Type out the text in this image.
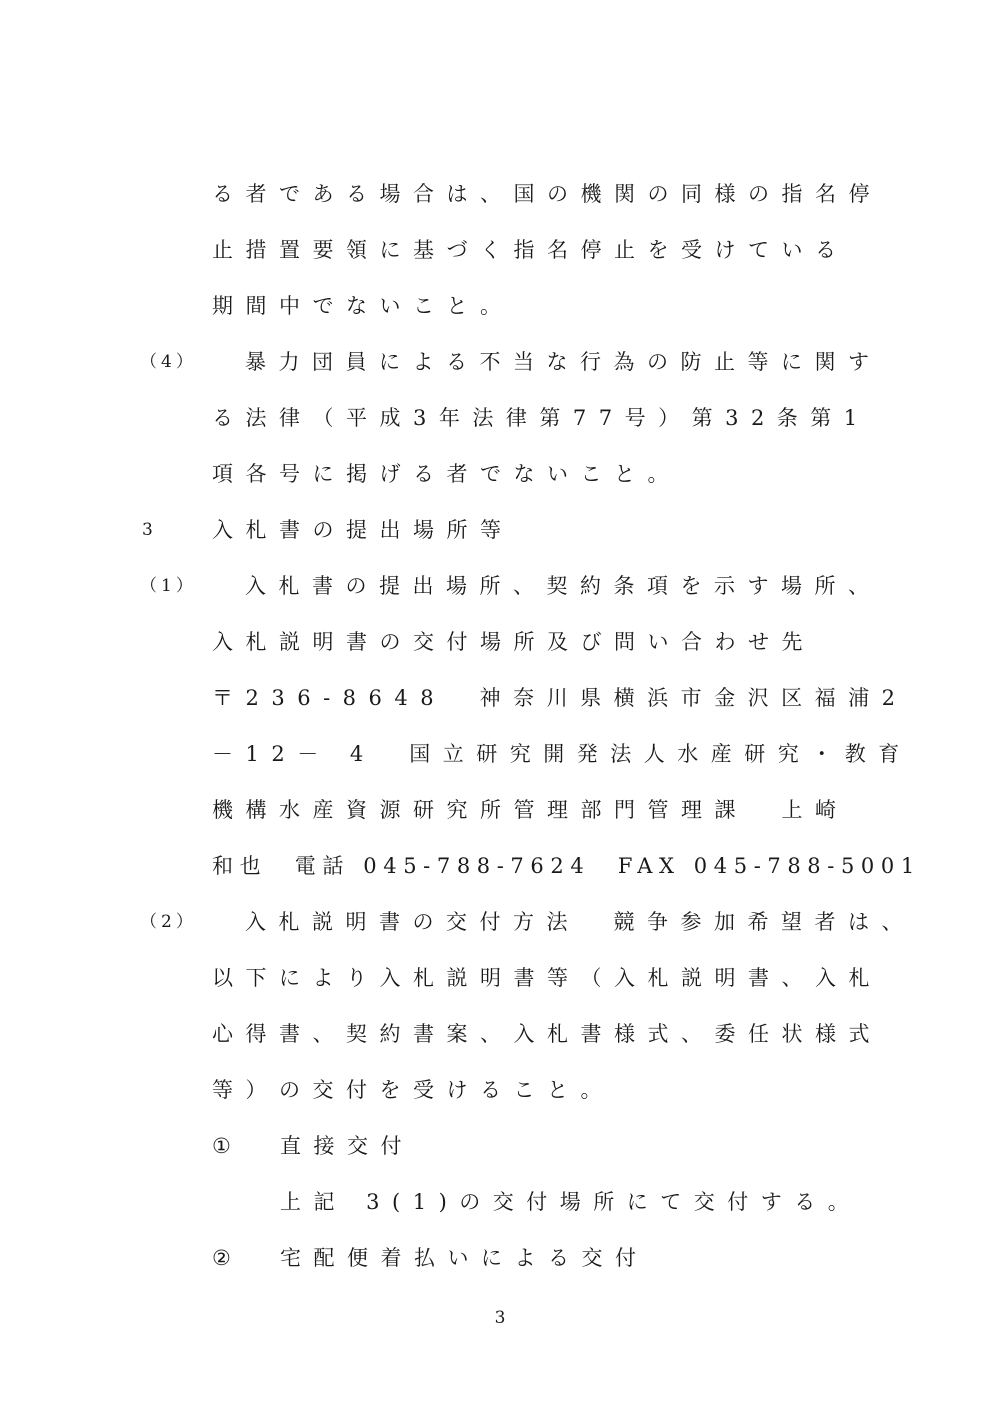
る者である場合は、国の機関の同様の指名停
止措置要領に基づく指名停止を受けている
期間中でないこと。
（4） 暴力団員による不当な行為の防止等に関す
る法律（平成3年法律第77号）第32条第1
項各号に掲げる者でないこと。
3	入札書の提出場所等
（1） 入札書の提出場所、契約条項を示す場所、
入札説明書の交付場所及び問い合わせ先
〒236-8648　神奈川県横浜市金沢区福浦2
－12－ 4　国立研究開発法人水産研究・教育
機構水産資源研究所管理部門管理課　上崎
和也　電話 045-788-7624　FAX 045-788-5001
（2） 入札説明書の交付方法　競争参加希望者は、
以下により入札説明書等（入札説明書、入札
心得書、契約書案、入札書様式、委任状様式
等）の交付を受けること。
① 直接交付
上記 3(1)の交付場所にて交付する。
② 宅配便着払いによる交付
3
